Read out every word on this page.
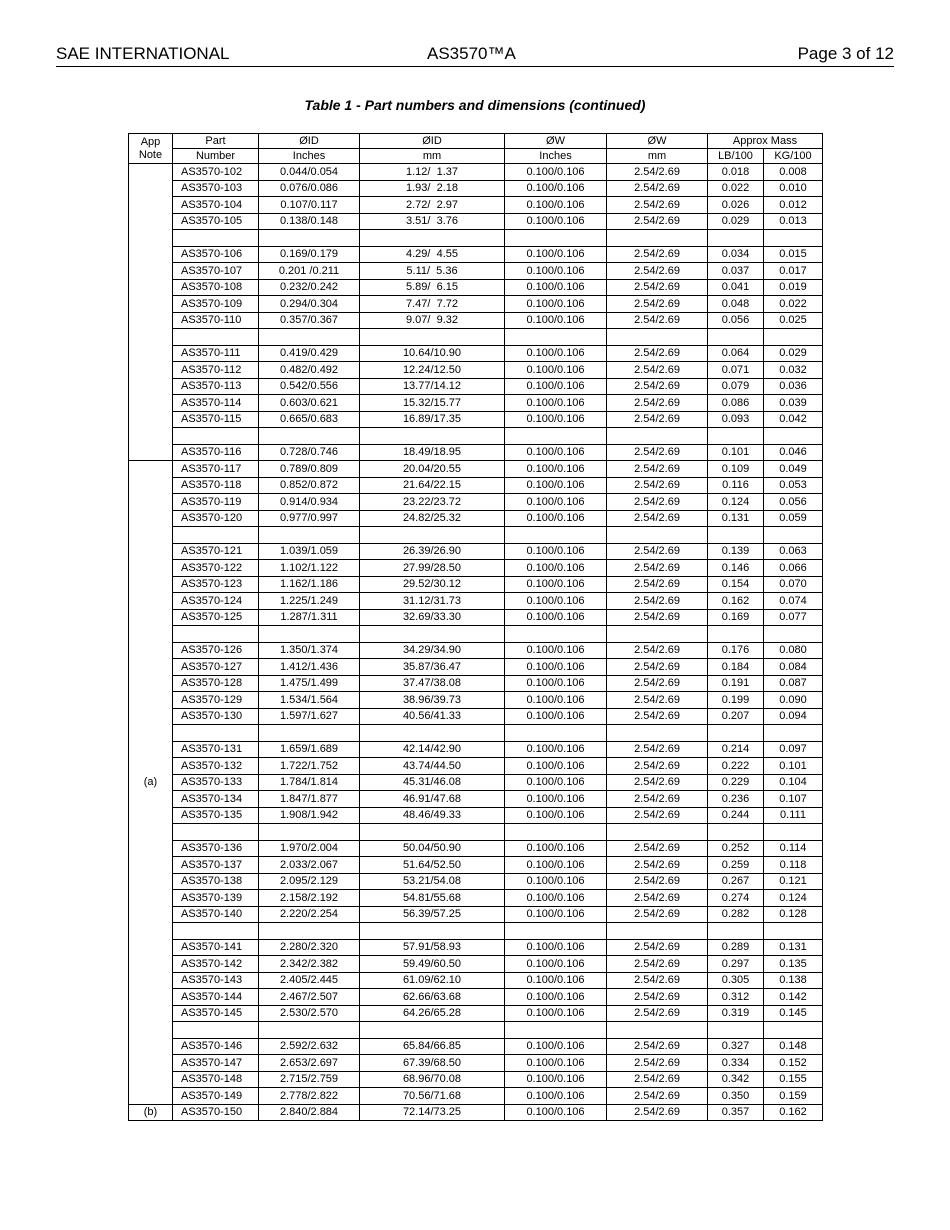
SAE INTERNATIONAL	AS3570™A	Page 3 of 12
Table 1 - Part numbers and dimensions (continued)
App
Note	Part	ØID	ØID	ØW	ØW	Approx Mass	
	Number	Inches	mm	Inches	mm	LB/100	KG/100
	AS3570-102	0.044/0.054	1.12/  1.37	0.100/0.106	2.54/2.69	0.018	0.008
	AS3570-103	0.076/0.086	1.93/  2.18	0.100/0.106	2.54/2.69	0.022	0.010
	AS3570-104	0.107/0.117	2.72/  2.97	0.100/0.106	2.54/2.69	0.026	0.012
	AS3570-105	0.138/0.148	3.51/  3.76	0.100/0.106	2.54/2.69	0.029	0.013

	AS3570-106	0.169/0.179	4.29/  4.55	0.100/0.106	2.54/2.69	0.034	0.015
	AS3570-107	0.201 /0.211	5.11/  5.36	0.100/0.106	2.54/2.69	0.037	0.017
	AS3570-108	0.232/0.242	5.89/  6.15	0.100/0.106	2.54/2.69	0.041	0.019
	AS3570-109	0.294/0.304	7.47/  7.72	0.100/0.106	2.54/2.69	0.048	0.022
	AS3570-110	0.357/0.367	9.07/  9.32	0.100/0.106	2.54/2.69	0.056	0.025

	AS3570-111	0.419/0.429	10.64/10.90	0.100/0.106	2.54/2.69	0.064	0.029
	AS3570-112	0.482/0.492	12.24/12.50	0.100/0.106	2.54/2.69	0.071	0.032
	AS3570-113	0.542/0.556	13.77/14.12	0.100/0.106	2.54/2.69	0.079	0.036
	AS3570-114	0.603/0.621	15.32/15.77	0.100/0.106	2.54/2.69	0.086	0.039
	AS3570-115	0.665/0.683	16.89/17.35	0.100/0.106	2.54/2.69	0.093	0.042

	AS3570-116	0.728/0.746	18.49/18.95	0.100/0.106	2.54/2.69	0.101	0.046
(a)	AS3570-117	0.789/0.809	20.04/20.55	0.100/0.106	2.54/2.69	0.109	0.049
	AS3570-118	0.852/0.872	21.64/22.15	0.100/0.106	2.54/2.69	0.116	0.053
	AS3570-119	0.914/0.934	23.22/23.72	0.100/0.106	2.54/2.69	0.124	0.056
	AS3570-120	0.977/0.997	24.82/25.32	0.100/0.106	2.54/2.69	0.131	0.059

	AS3570-121	1.039/1.059	26.39/26.90	0.100/0.106	2.54/2.69	0.139	0.063
	AS3570-122	1.102/1.122	27.99/28.50	0.100/0.106	2.54/2.69	0.146	0.066
	AS3570-123	1.162/1.186	29.52/30.12	0.100/0.106	2.54/2.69	0.154	0.070
	AS3570-124	1.225/1.249	31.12/31.73	0.100/0.106	2.54/2.69	0.162	0.074
	AS3570-125	1.287/1.311	32.69/33.30	0.100/0.106	2.54/2.69	0.169	0.077

	AS3570-126	1.350/1.374	34.29/34.90	0.100/0.106	2.54/2.69	0.176	0.080
	AS3570-127	1.412/1.436	35.87/36.47	0.100/0.106	2.54/2.69	0.184	0.084
	AS3570-128	1.475/1.499	37.47/38.08	0.100/0.106	2.54/2.69	0.191	0.087
	AS3570-129	1.534/1.564	38.96/39.73	0.100/0.106	2.54/2.69	0.199	0.090
	AS3570-130	1.597/1.627	40.56/41.33	0.100/0.106	2.54/2.69	0.207	0.094

	AS3570-131	1.659/1.689	42.14/42.90	0.100/0.106	2.54/2.69	0.214	0.097
	AS3570-132	1.722/1.752	43.74/44.50	0.100/0.106	2.54/2.69	0.222	0.101
	AS3570-133	1.784/1.814	45.31/46.08	0.100/0.106	2.54/2.69	0.229	0.104
	AS3570-134	1.847/1.877	46.91/47.68	0.100/0.106	2.54/2.69	0.236	0.107
	AS3570-135	1.908/1.942	48.46/49.33	0.100/0.106	2.54/2.69	0.244	0.111

	AS3570-136	1.970/2.004	50.04/50.90	0.100/0.106	2.54/2.69	0.252	0.114
	AS3570-137	2.033/2.067	51.64/52.50	0.100/0.106	2.54/2.69	0.259	0.118
	AS3570-138	2.095/2.129	53.21/54.08	0.100/0.106	2.54/2.69	0.267	0.121
	AS3570-139	2.158/2.192	54.81/55.68	0.100/0.106	2.54/2.69	0.274	0.124
	AS3570-140	2.220/2.254	56.39/57.25	0.100/0.106	2.54/2.69	0.282	0.128

	AS3570-141	2.280/2.320	57.91/58.93	0.100/0.106	2.54/2.69	0.289	0.131
	AS3570-142	2.342/2.382	59.49/60.50	0.100/0.106	2.54/2.69	0.297	0.135
	AS3570-143	2.405/2.445	61.09/62.10	0.100/0.106	2.54/2.69	0.305	0.138
	AS3570-144	2.467/2.507	62.66/63.68	0.100/0.106	2.54/2.69	0.312	0.142
	AS3570-145	2.530/2.570	64.26/65.28	0.100/0.106	2.54/2.69	0.319	0.145

	AS3570-146	2.592/2.632	65.84/66.85	0.100/0.106	2.54/2.69	0.327	0.148
	AS3570-147	2.653/2.697	67.39/68.50	0.100/0.106	2.54/2.69	0.334	0.152
	AS3570-148	2.715/2.759	68.96/70.08	0.100/0.106	2.54/2.69	0.342	0.155
	AS3570-149	2.778/2.822	70.56/71.68	0.100/0.106	2.54/2.69	0.350	0.159
(b)	AS3570-150	2.840/2.884	72.14/73.25	0.100/0.106	2.54/2.69	0.357	0.162
